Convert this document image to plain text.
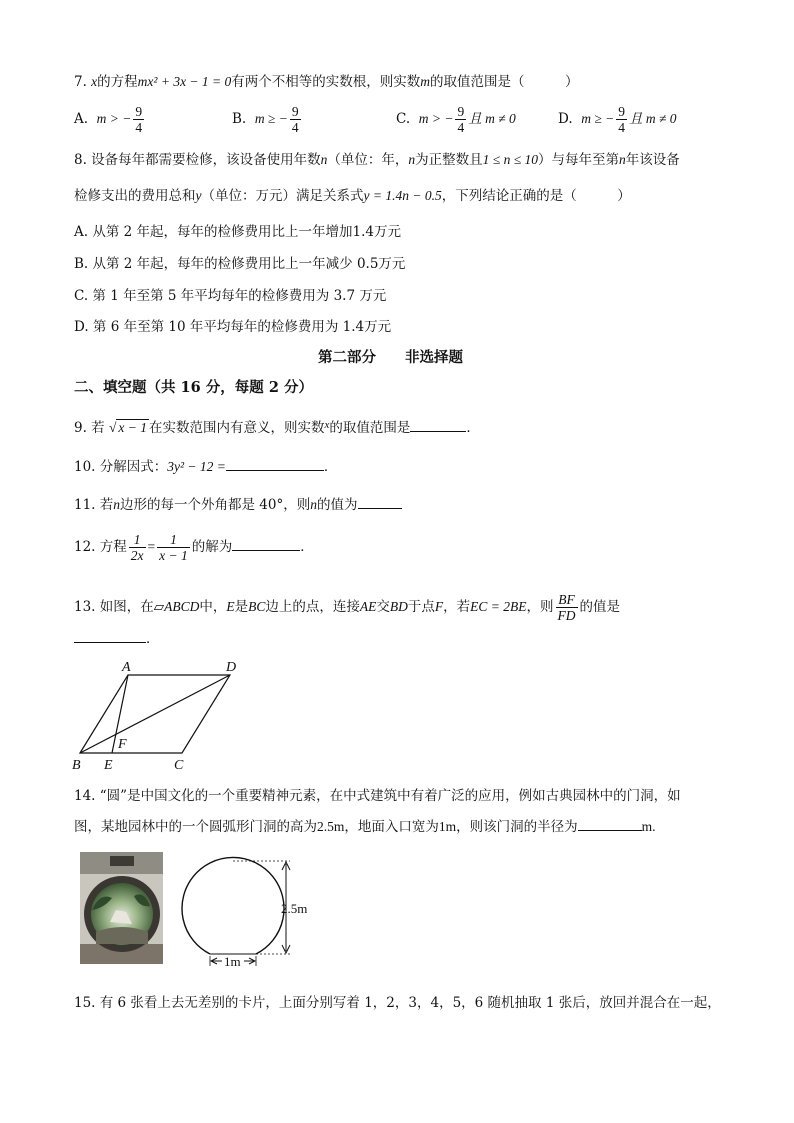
7. x的方程mx² + 3x − 1 = 0有两个不相等的实数根，则实数m的取值范围是（　　　）
A. m > − $\frac{9}{4}$	B. m ≥ − $\frac{9}{4}$	C. m > − $\frac{9}{4}$ 且 m ≠ 0	D. m ≥ − $\frac{9}{4}$ 且 m ≠ 0
8. 设备每年都需要检修，该设备使用年数n（单位：年，n为正整数且1 ≤ n ≤ 10）与每年至第n年该设备
检修支出的费用总和y（单位：万元）满足关系式y = 1.4n − 0.5，下列结论正确的是（　　　）
A. 从第 2 年起，每年的检修费用比上一年增加1.4万元
B. 从第 2 年起，每年的检修费用比上一年减少 0.5万元
C. 第 1 年至第 5 年平均每年的检修费用为 3.7 万元
D. 第 6 年至第 10 年平均每年的检修费用为 1.4万元
第二部分　　非选择题
二、填空题（共 16 分，每题 2 分）
9. 若 √ x − 1 在实数范围内有意义，则实数$^x$的取值范围是	．
10. 分解因式：3y² − 12 =	．
11. 若n边形的每一个外角都是 40°，则n的值为
12. 方程 $\frac{1}{2x} = \frac{1}{x - 1}$ 的解为	．
13. 如图，在▱ABCD中，E是BC边上的点，连接AE交BD于点F，若EC = 2BE，则 $\frac{BF}{FD}$ 的值是
．
A	D
B E	C
F
14. “圆”是中国文化的一个重要精神元素，在中式建筑中有着广泛的应用，例如古典园林中的门洞，如
图，某地园林中的一个圆弧形门洞的高为2.5m，地面入口宽为1m，则该门洞的半径为	m.
2.5m
1m
15. 有 6 张看上去无差别的卡片，上面分别写着 1，2，3，4，5，6 随机抽取 1 张后，放回并混合在一起，
